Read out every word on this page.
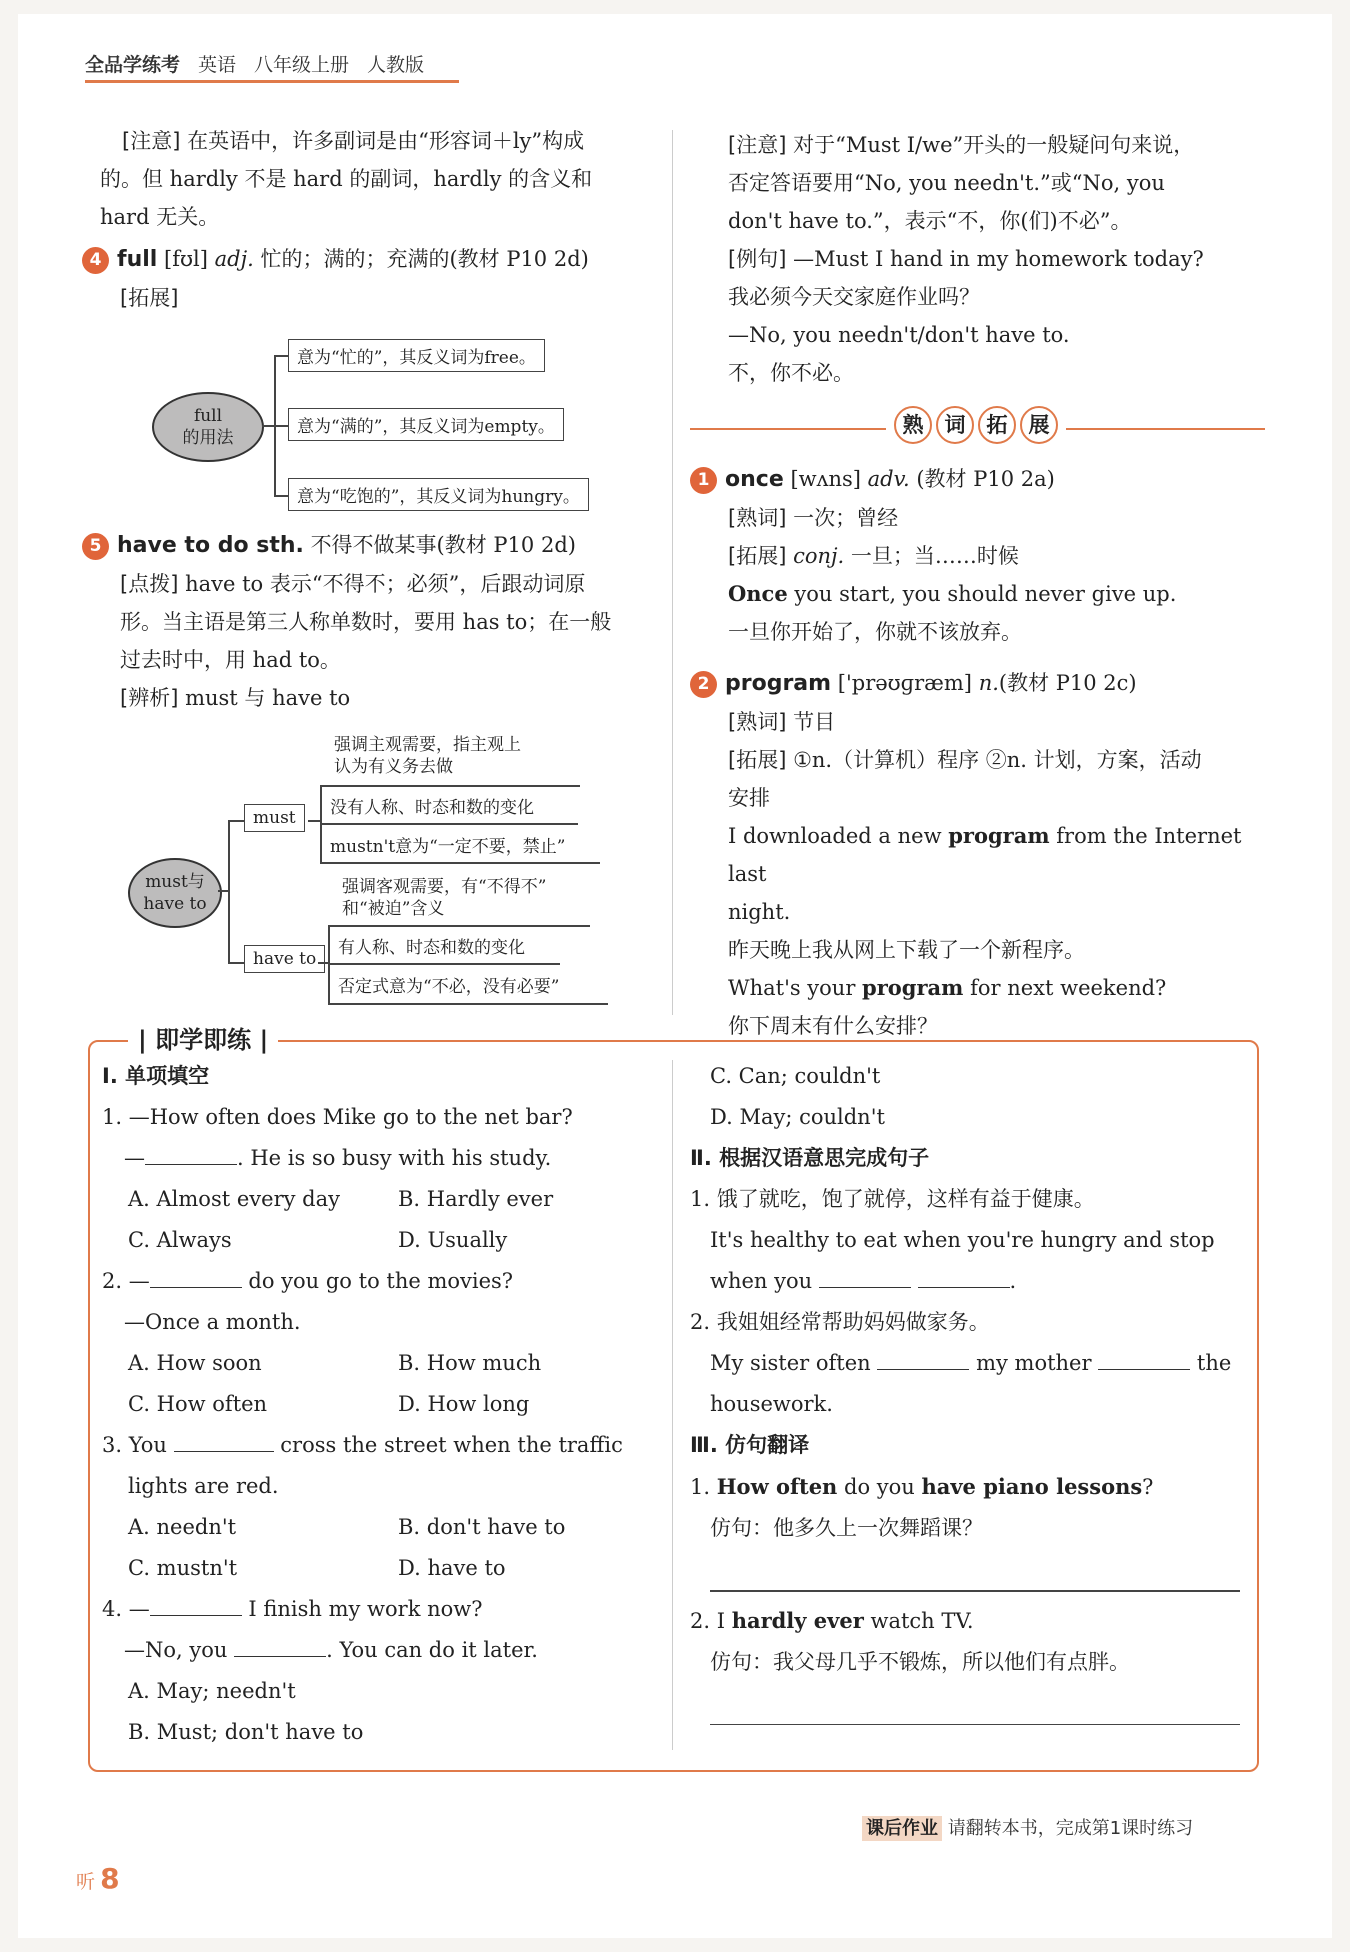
全品学练考 英语 八年级上册 人教版

[注意] 在英语中，许多副词是由“形容词＋ly”构成

的。但 hardly 不是 hard 的副词，hardly 的含义和

hard 无关。

4 full [fʊl] adj. 忙的；满的；充满的(教材 P10 2d)

[拓展]

full
的用法
意为“忙的”，其反义词为free。
意为“满的”，其反义词为empty。
意为“吃饱的”，其反义词为hungry。

5 have to do sth. 不得不做某事(教材 P10 2d)

[点拨] have to 表示“不得不；必须”，后跟动词原

形。当主语是第三人称单数时，要用 has to；在一般

过去时中，用 had to。

[辨析] must 与 have to

must与
have to
must
强调主观需要，指主观上
认为有义务去做
没有人称、时态和数的变化
mustn't意为“一定不要，禁止”
have to
强调客观需要，有“不得不”
和“被迫”含义
有人称、时态和数的变化
否定式意为“不必，没有必要”

[注意] 对于“Must I/we”开头的一般疑问句来说，

否定答语要用“No, you needn't.”或“No, you

don't have to.”，表示“不，你(们)不必”。

[例句] —Must I hand in my homework today?

我必须今天交家庭作业吗？

—No, you needn't/don't have to.

不，你不必。

熟 词 拓 展

1 once [wʌns] adv. (教材 P10 2a)

[熟词] 一次；曾经

[拓展] conj. 一旦；当……时候

Once you start, you should never give up.

一旦你开始了，你就不该放弃。

2 program ['prəʊɡræm] n.(教材 P10 2c)

[熟词] 节目

[拓展] ①n.（计算机）程序 ②n. 计划，方案，活动

安排

I downloaded a new program from the Internet last

night.

昨天晚上我从网上下载了一个新程序。

What's your program for next weekend?

你下周末有什么安排？

| 即学即练 |

Ⅰ. 单项填空

1. —How often does Mike go to the net bar?

—	. He is so busy with his study.

A. Almost every day	B. Hardly ever

C. Always	D. Usually

2. —	do you go to the movies?

—Once a month.

A. How soon	B. How much

C. How often	D. How long

3. You	cross the street when the traffic

lights are red.

A. needn't	B. don't have to

C. mustn't	D. have to

4. —	I finish my work now?

—No, you	. You can do it later.

A. May; needn't

B. Must; don't have to

C. Can; couldn't

D. May; couldn't

Ⅱ. 根据汉语意思完成句子

1. 饿了就吃，饱了就停，这样有益于健康。

It's healthy to eat when you're hungry and stop

when you	.

2. 我姐姐经常帮助妈妈做家务。

My sister often	my mother	the

housework.

Ⅲ. 仿句翻译

1. How often do you have piano lessons?

仿句：他多久上一次舞蹈课？

2. I hardly ever watch TV.

仿句：我父母几乎不锻炼，所以他们有点胖。

课后作业 请翻转本书，完成第1课时练习
听 8
